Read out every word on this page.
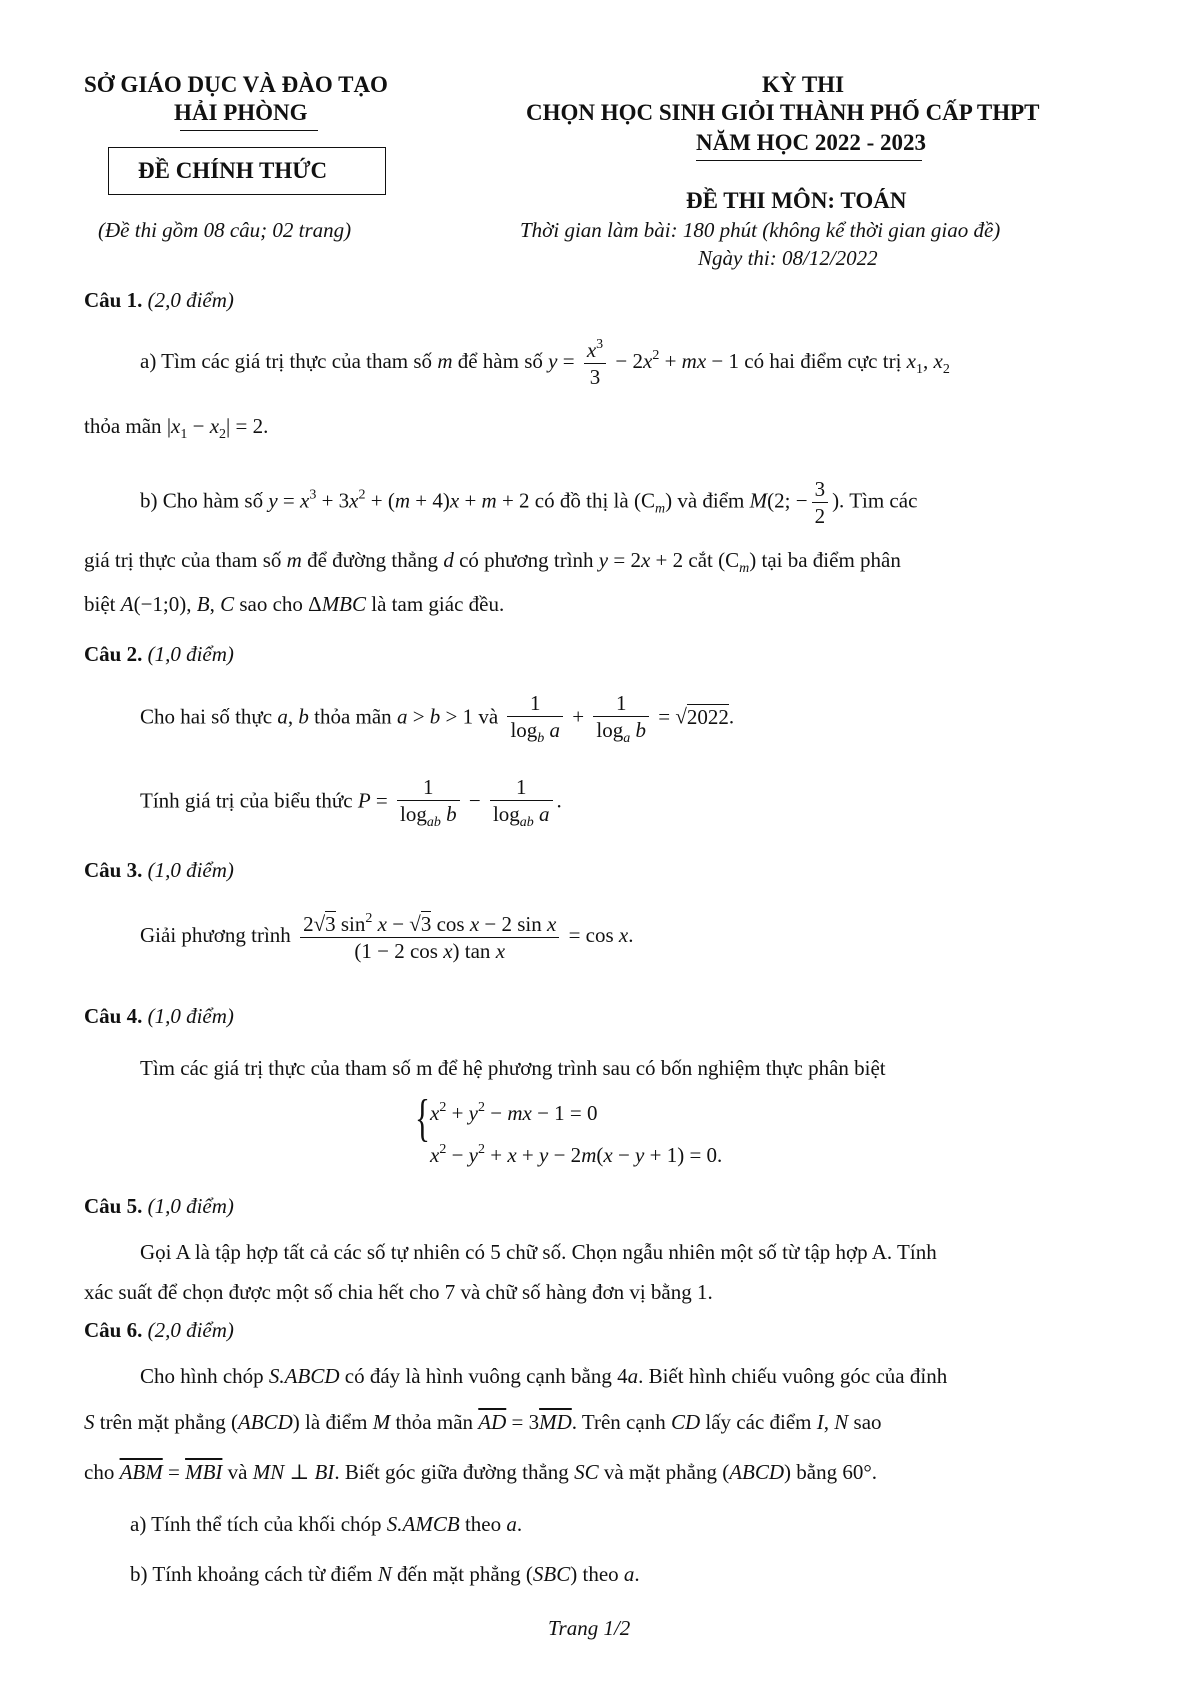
SỞ GIÁO DỤC VÀ ĐÀO TẠO
HẢI PHÒNG
ĐỀ CHÍNH THỨC
(Đề thi gồm 08 câu; 02 trang)
KỲ THI
CHỌN HỌC SINH GIỎI THÀNH PHỐ CẤP THPT
NĂM HỌC 2022 - 2023
ĐỀ THI MÔN: TOÁN
Thời gian làm bài: 180 phút (không kể thời gian giao đề)
Ngày thi: 08/12/2022
Câu 1. (2,0 điểm)
a) Tìm các giá trị thực của tham số m để hàm số $y = \frac{x^3}{3} - 2x^2$ + mx − 1 có hai điểm cực trị $x_1$, $x_2$
thỏa mãn $|x_1 - x_2| = 2$.
b) Cho hàm số $y = x^3 + 3x^2 + (m + 4)x + m + 2$ có đồ thị là $(C_m)$ và điểm M(2; − $\frac{3}{2}$ ). Tìm các
giá trị thực của tham số m để đường thẳng d có phương trình y = 2x + 2 cắt $(C_m)$ tại ba điểm phân
biệt A(−1;0), B, C sao cho ΔMBC là tam giác đều.
Câu 2. (1,0 điểm)
Cho hai số thực a, b thỏa mãn a > b > 1 và $\frac{1}{\log_b a} + \frac{1}{\log_a b} = √2022$.
Tính giá trị của biểu thức $P = \frac{1}{\log_{ab} b} - \frac{1}{\log_{ab} a}$ .
Câu 3. (1,0 điểm)
Giải phương trình $\frac{2√3 \sin^2 x - √3 \cos x - 2 \sin x}{\text{(1 − 2 cos x) tan x}} = \cos x$.
Câu 4. (1,0 điểm)
Tìm các giá trị thực của tham số m để hệ phương trình sau có bốn nghiệm thực phân biệt
{ $x^2 + y^2$ − mx − 1 = 0
$x^2 - y^2 + x + y - 2m(x - y + 1) = 0$.
Câu 5. (1,0 điểm)
Gọi A là tập hợp tất cả các số tự nhiên có 5 chữ số. Chọn ngẫu nhiên một số từ tập hợp A. Tính
xác suất để chọn được một số chia hết cho 7 và chữ số hàng đơn vị bằng 1.
Câu 6. (2,0 điểm)
Cho hình chóp S.ABCD có đáy là hình vuông cạnh bằng 4a. Biết hình chiếu vuông góc của đỉnh
S trên mặt phẳng (ABCD) là điểm M thỏa mãn $\overline{AD} = 3\overline{MD}$. Trên cạnh CD lấy các điểm I, N sao
cho $\overline{ABM} = \overline{MBI}$ và MN ⊥ BI. Biết góc giữa đường thẳng SC và mặt phẳng (ABCD) bằng 60°.
a) Tính thể tích của khối chóp S.AMCB theo a.
b) Tính khoảng cách từ điểm N đến mặt phẳng (SBC) theo a.
Trang 1/2
